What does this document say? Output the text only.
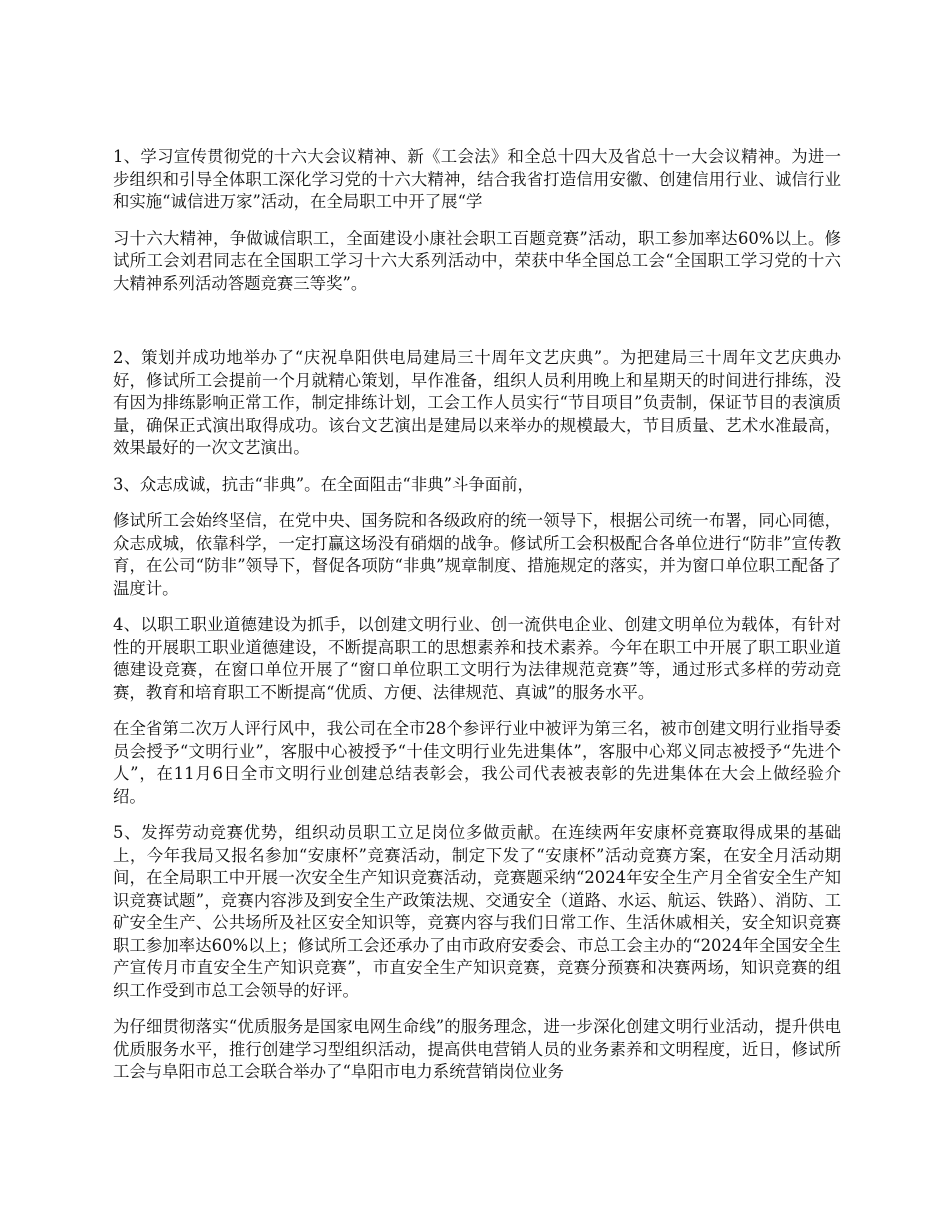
1、学习宣传贯彻党的十六大会议精神、新《工会法》和全总十四大及省总十一大会议精神。为进一步组织和引导全体职工深化学习党的十六大精神，结合我省打造信用安徽、创建信用行业、诚信行业和实施“诚信进万家”活动，在全局职工中开了展“学

习十六大精神，争做诚信职工，全面建设小康社会职工百题竞赛”活动，职工参加率达60%以上。修试所工会刘君同志在全国职工学习十六大系列活动中，荣获中华全国总工会“全国职工学习党的十六大精神系列活动答题竞赛三等奖”。

2、策划并成功地举办了“庆祝阜阳供电局建局三十周年文艺庆典”。为把建局三十周年文艺庆典办好，修试所工会提前一个月就精心策划，早作准备，组织人员利用晚上和星期天的时间进行排练，没有因为排练影响正常工作，制定排练计划，工会工作人员实行“节目项目”负责制，保证节目的表演质量，确保正式演出取得成功。该台文艺演出是建局以来举办的规模最大，节目质量、艺术水准最高，效果最好的一次文艺演出。

3、众志成诚，抗击“非典”。在全面阻击“非典”斗争面前，

修试所工会始终坚信，在党中央、国务院和各级政府的统一领导下，根据公司统一布署，同心同德，众志成城，依靠科学，一定打赢这场没有硝烟的战争。修试所工会积极配合各单位进行“防非”宣传教育，在公司“防非”领导下，督促各项防“非典”规章制度、措施规定的落实，并为窗口单位职工配备了温度计。

4、以职工职业道德建设为抓手，以创建文明行业、创一流供电企业、创建文明单位为载体，有针对性的开展职工职业道德建设，不断提高职工的思想素养和技术素养。今年在职工中开展了职工职业道德建设竞赛，在窗口单位开展了“窗口单位职工文明行为法律规范竞赛”等，通过形式多样的劳动竞赛，教育和培育职工不断提高“优质、方便、法律规范、真诚”的服务水平。

在全省第二次万人评行风中，我公司在全市28个参评行业中被评为第三名，被市创建文明行业指导委员会授予“文明行业”，客服中心被授予“十佳文明行业先进集体”，客服中心郑义同志被授予“先进个人”，在11月6日全市文明行业创建总结表彰会，我公司代表被表彰的先进集体在大会上做经验介绍。

5、发挥劳动竞赛优势，组织动员职工立足岗位多做贡献。在连续两年安康杯竞赛取得成果的基础上，今年我局又报名参加“安康杯”竞赛活动，制定下发了“安康杯”活动竞赛方案，在安全月活动期间，在全局职工中开展一次安全生产知识竞赛活动，竞赛题采纳“2024年安全生产月全省安全生产知识竞赛试题”，竞赛内容涉及到安全生产政策法规、交通安全（道路、水运、航运、铁路）、消防、工矿安全生产、公共场所及社区安全知识等，竞赛内容与我们日常工作、生活休戚相关，安全知识竞赛职工参加率达60%以上；修试所工会还承办了由市政府安委会、市总工会主办的“2024年全国安全生产宣传月市直安全生产知识竞赛”，市直安全生产知识竞赛，竞赛分预赛和决赛两场，知识竞赛的组织工作受到市总工会领导的好评。

为仔细贯彻落实“优质服务是国家电网生命线”的服务理念，进一步深化创建文明行业活动，提升供电优质服务水平，推行创建学习型组织活动，提高供电营销人员的业务素养和文明程度，近日，修试所工会与阜阳市总工会联合举办了“阜阳市电力系统营销岗位业务
